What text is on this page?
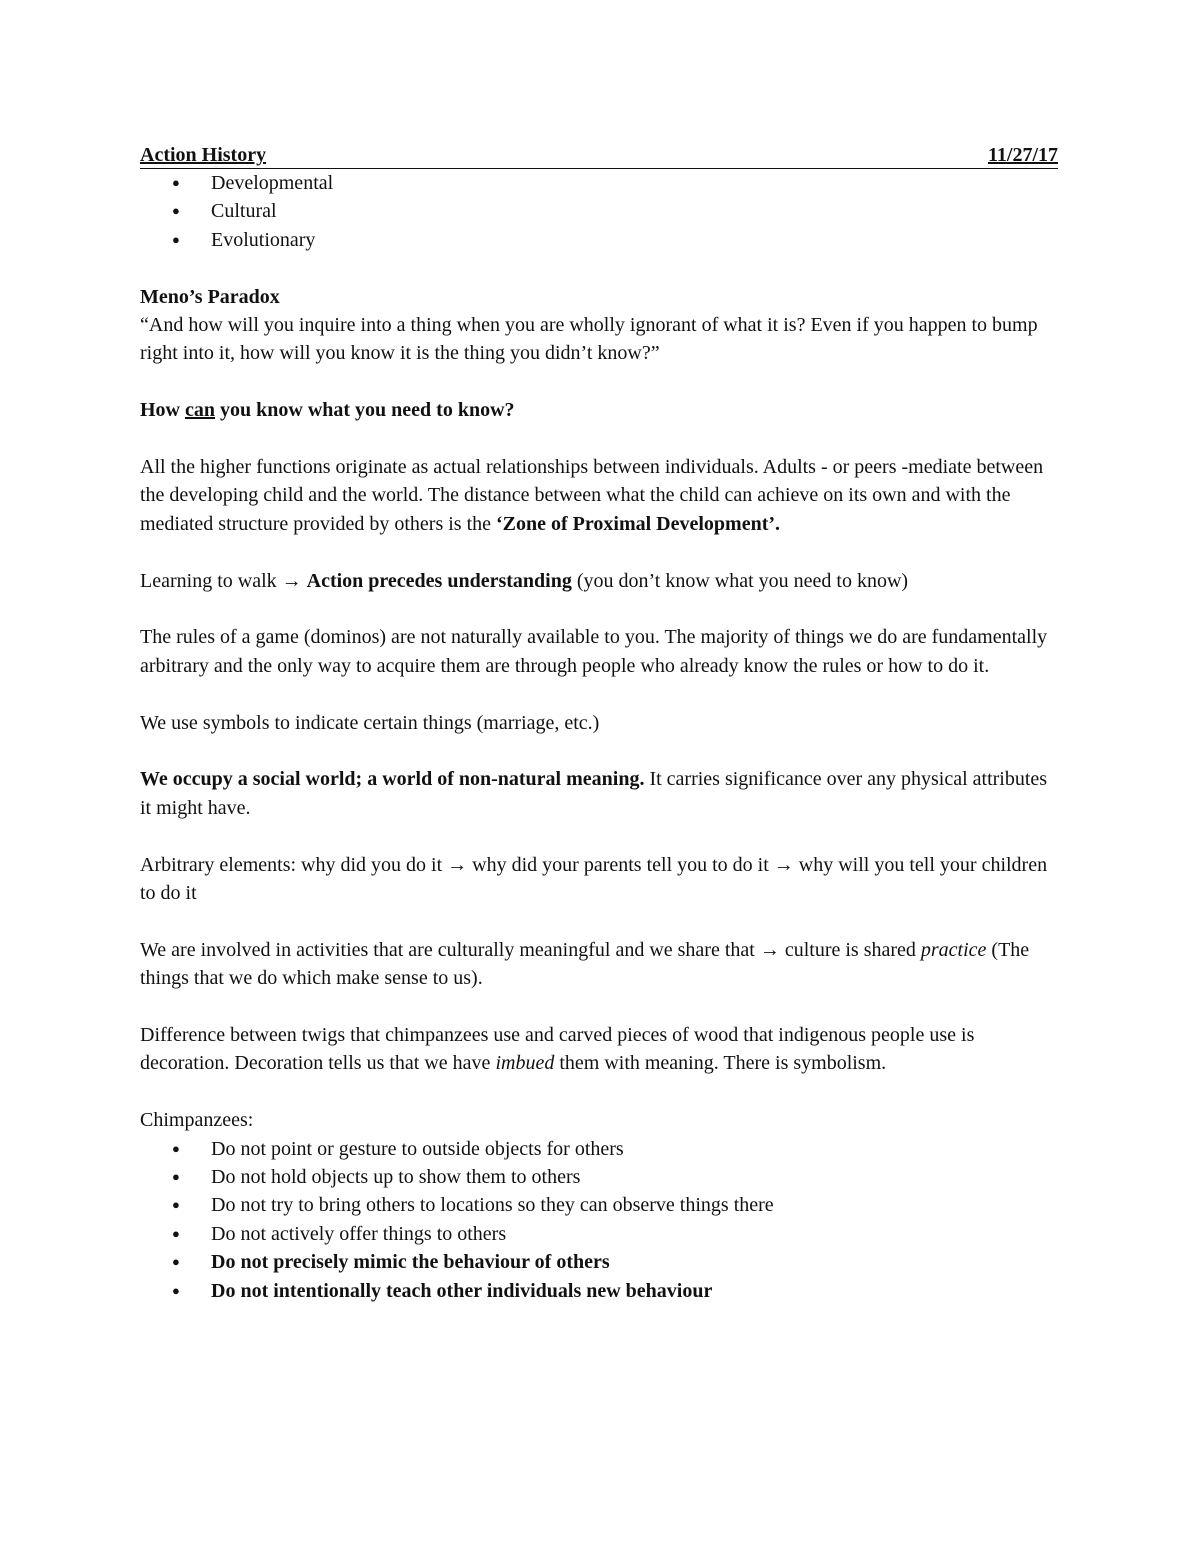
Action History	11/27/17
● Developmental
● Cultural
● Evolutionary
Meno’s Paradox

“And how will you inquire into a thing when you are wholly ignorant of what it is? Even if you happen to bump right into it, how will you know it is the thing you didn’t know?”

How can you know what you need to know?

All the higher functions originate as actual relationships between individuals. Adults - or peers -mediate between the developing child and the world. The distance between what the child can achieve on its own and with the mediated structure provided by others is the ‘Zone of Proximal Development’.

Learning to walk → Action precedes understanding (you don’t know what you need to know)

The rules of a game (dominos) are not naturally available to you. The majority of things we do are fundamentally arbitrary and the only way to acquire them are through people who already know the rules or how to do it.

We use symbols to indicate certain things (marriage, etc.)

We occupy a social world; a world of non-natural meaning. It carries significance over any physical attributes it might have.

Arbitrary elements: why did you do it → why did your parents tell you to do it → why will you tell your children to do it

We are involved in activities that are culturally meaningful and we share that → culture is shared practice (The things that we do which make sense to us).

Difference between twigs that chimpanzees use and carved pieces of wood that indigenous people use is decoration. Decoration tells us that we have imbued them with meaning. There is symbolism.

Chimpanzees:
● Do not point or gesture to outside objects for others
● Do not hold objects up to show them to others
● Do not try to bring others to locations so they can observe things there
● Do not actively offer things to others
● Do not precisely mimic the behaviour of others
● Do not intentionally teach other individuals new behaviour
